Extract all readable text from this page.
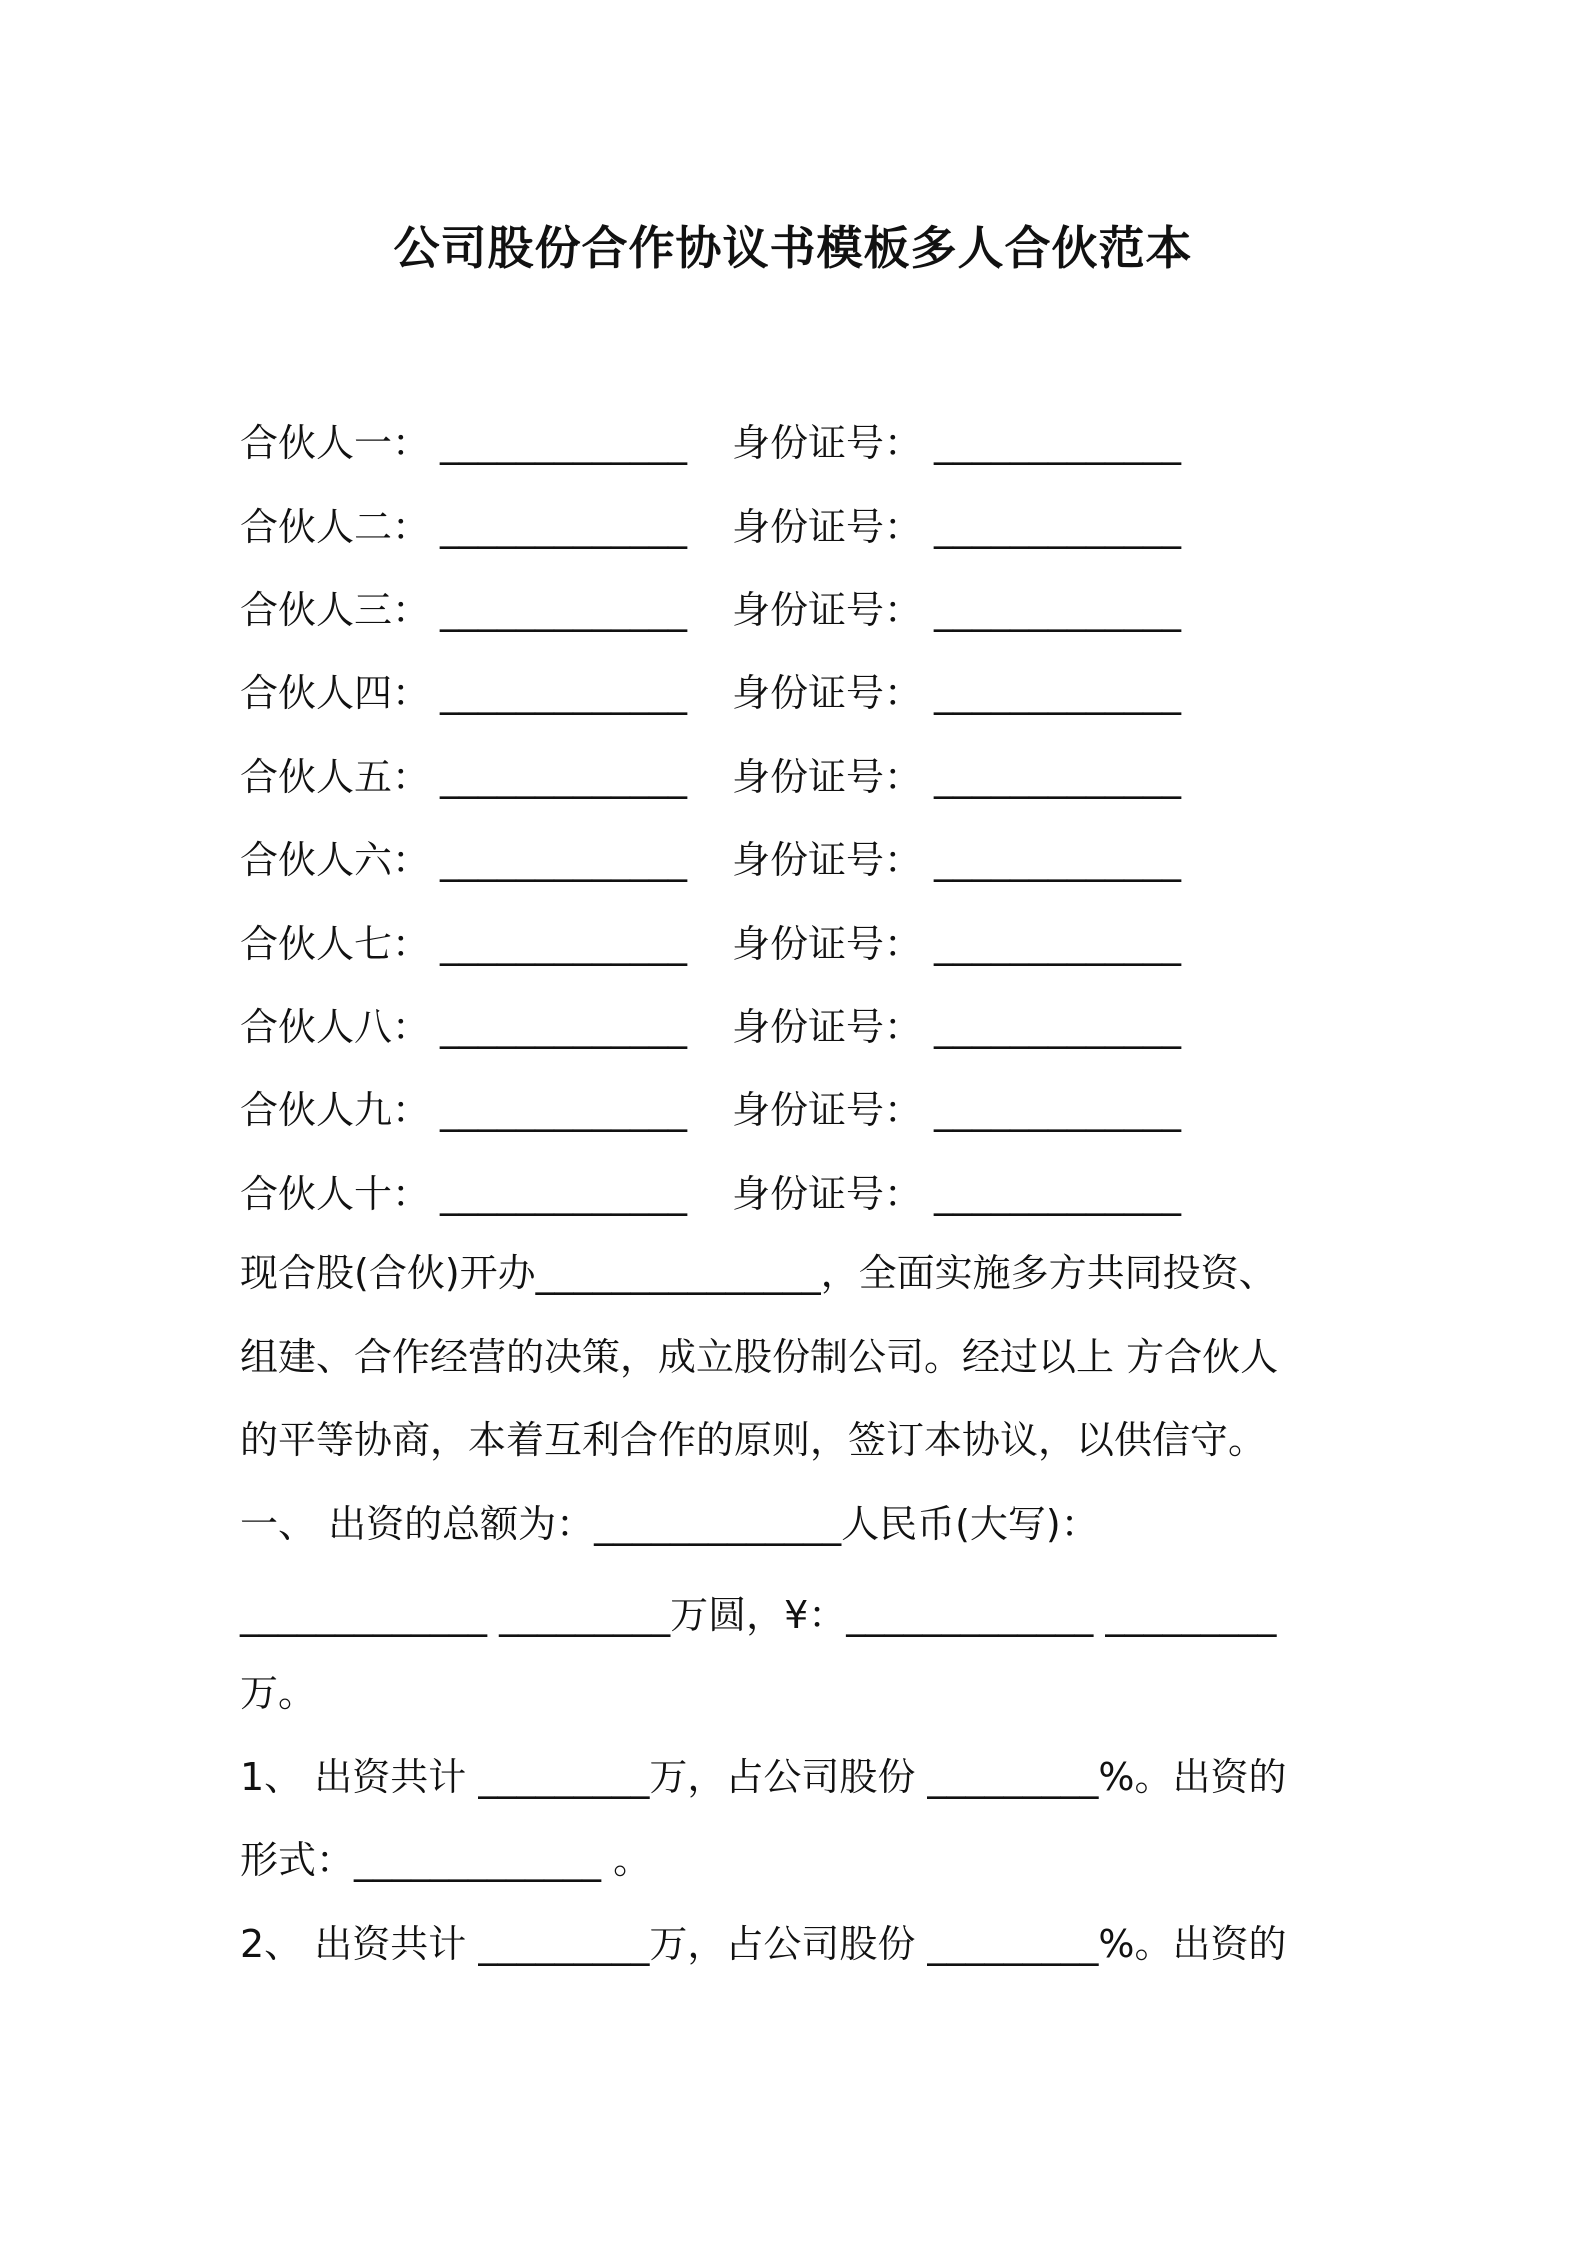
公司股份合作协议书模板多人合伙范本
合伙人一： _____________ 身份证号： _____________
合伙人二： _____________ 身份证号： _____________
合伙人三： _____________ 身份证号： _____________
合伙人四： _____________ 身份证号： _____________
合伙人五： _____________ 身份证号： _____________
合伙人六： _____________ 身份证号： _____________
合伙人七： _____________ 身份证号： _____________
合伙人八： _____________ 身份证号： _____________
合伙人九： _____________ 身份证号： _____________
合伙人十： _____________ 身份证号： _____________
现合股(合伙)开办_______________，全面实施多方共同投资、
组建、合作经营的决策，成立股份制公司。经过以上 方合伙人
的平等协商，本着互利合作的原则，签订本协议，以供信守。
一、 出资的总额为：_____________人民币(大写)：
_____________ _________万圆，¥：_____________ _________
万。
1、 出资共计 _________万，占公司股份 _________%。出资的
形式：_____________ 。
2、 出资共计 _________万，占公司股份 _________%。出资的
